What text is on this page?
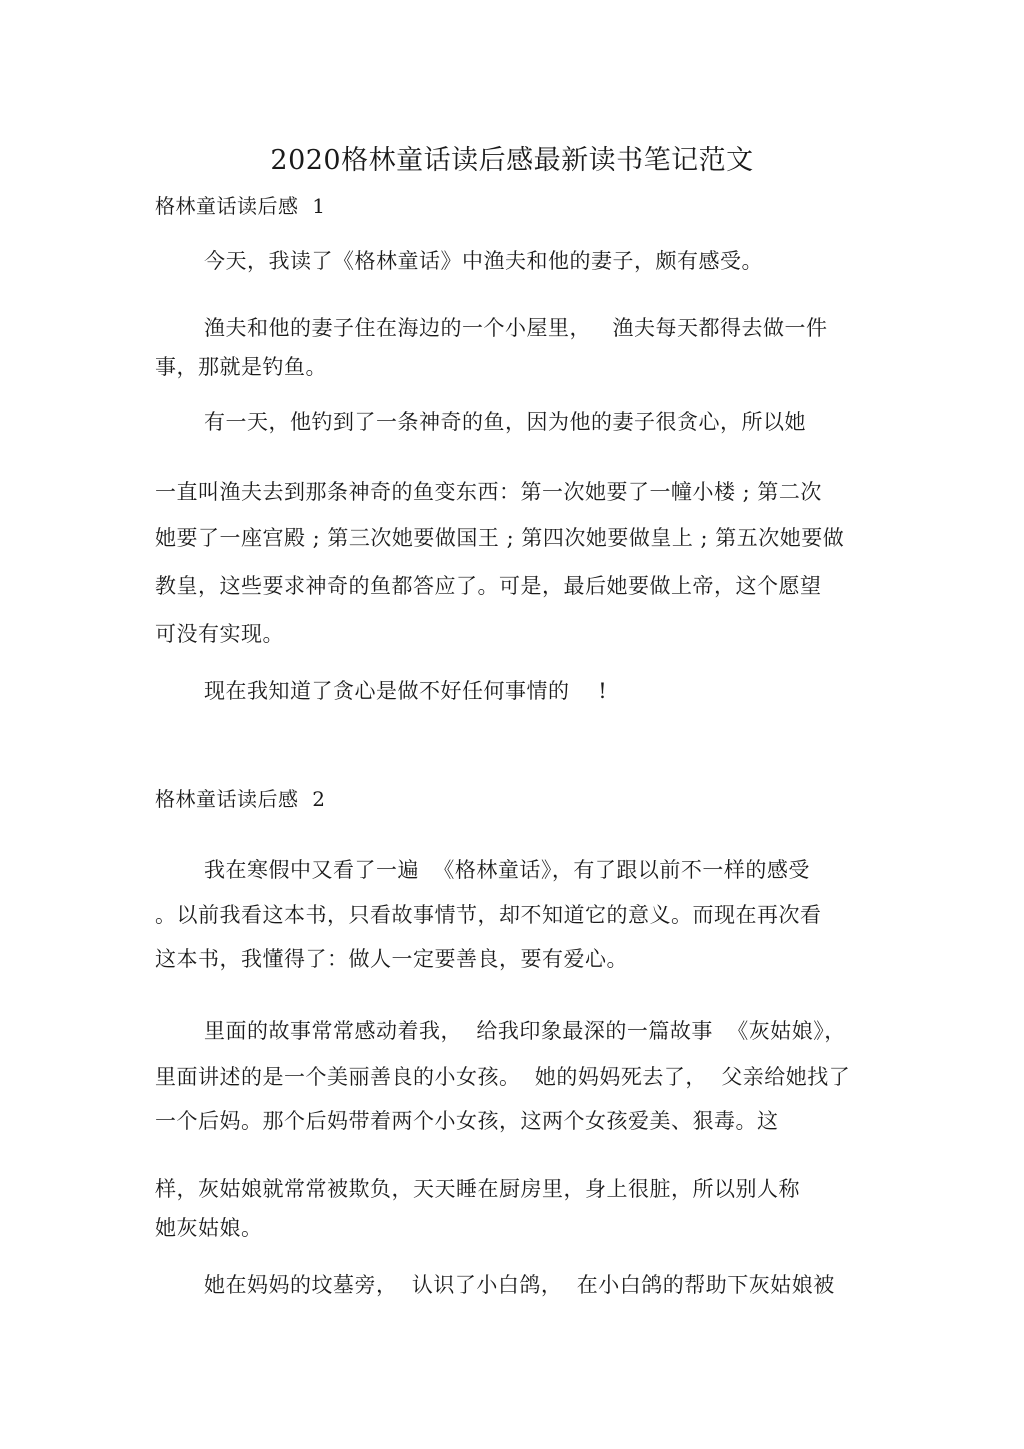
2020格林童话读后感最新读书笔记范文

格林童话读后感  1

今天，我读了《格林童话》中渔夫和他的妻子，颇有感受。

渔夫和他的妻子住在海边的一个小屋里，   渔夫每天都得去做一件

事，那就是钓鱼。

有一天，他钓到了一条神奇的鱼，因为他的妻子很贪心，所以她

一直叫渔夫去到那条神奇的鱼变东西：第一次她要了一幢小楼 ; 第二次

她要了一座宫殿 ; 第三次她要做国王 ; 第四次她要做皇上 ; 第五次她要做

教皇，这些要求神奇的鱼都答应了。可是，最后她要做上帝，这个愿望

可没有实现。

现在我知道了贪心是做不好任何事情的    !

格林童话读后感  2

我在寒假中又看了一遍  《格林童话》，有了跟以前不一样的感受

。以前我看这本书，只看故事情节，却不知道它的意义。而现在再次看

这本书，我懂得了：做人一定要善良，要有爱心。

里面的故事常常感动着我，  给我印象最深的一篇故事  《灰姑娘》，

里面讲述的是一个美丽善良的小女孩。  她的妈妈死去了，  父亲给她找了

一个后妈。那个后妈带着两个小女孩，这两个女孩爱美、狠毒。这

样，灰姑娘就常常被欺负，天天睡在厨房里，身上很脏，所以别人称

她灰姑娘。

她在妈妈的坟墓旁，  认识了小白鸽，  在小白鸽的帮助下灰姑娘被
